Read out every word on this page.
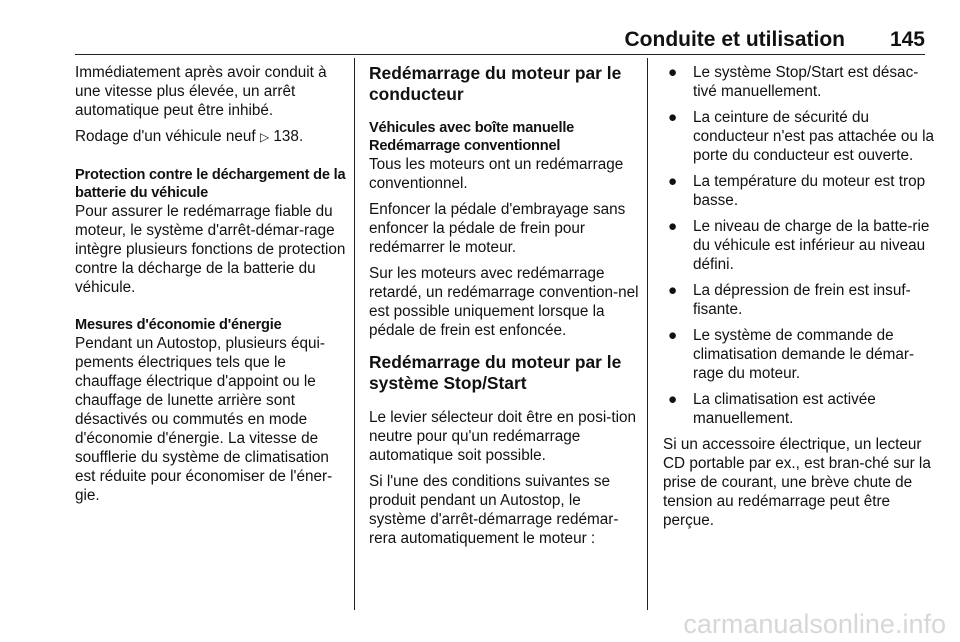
Conduite et utilisation 145

Immédiatement après avoir conduit à une vitesse plus élevée, un arrêt automatique peut être inhibé.

Rodage d'un véhicule neuf ▷ 138.

Protection contre le déchargement de la batterie du véhicule

Pour assurer le redémarrage fiable du moteur, le système d'arrêt-démar-rage intègre plusieurs fonctions de protection contre la décharge de la batterie du véhicule.

Mesures d'économie d'énergie

Pendant un Autostop, plusieurs équi-pements électriques tels que le chauffage électrique d'appoint ou le chauffage de lunette arrière sont désactivés ou commutés en mode d'économie d'énergie. La vitesse de soufflerie du système de climatisation est réduite pour économiser de l'éner-gie.

Redémarrage du moteur par le conducteur
Véhicules avec boîte manuelle
Redémarrage conventionnel

Tous les moteurs ont un redémarrage conventionnel.

Enfoncer la pédale d'embrayage sans enfoncer la pédale de frein pour redémarrer le moteur.

Sur les moteurs avec redémarrage retardé, un redémarrage convention-nel est possible uniquement lorsque la pédale de frein est enfoncée.

Redémarrage du moteur par le système Stop/Start

Le levier sélecteur doit être en posi-tion neutre pour qu'un redémarrage automatique soit possible.

Si l'une des conditions suivantes se produit pendant un Autostop, le système d'arrêt-démarrage redémar-rera automatiquement le moteur :

● Le système Stop/Start est désac-tivé manuellement.
● La ceinture de sécurité du conducteur n'est pas attachée ou la porte du conducteur est ouverte.
● La température du moteur est trop basse.
● Le niveau de charge de la batte-rie du véhicule est inférieur au niveau défini.
● La dépression de frein est insuf-fisante.
● Le système de commande de climatisation demande le démar-rage du moteur.
● La climatisation est activée manuellement.

Si un accessoire électrique, un lecteur CD portable par ex., est bran-ché sur la prise de courant, une brève chute de tension au redémarrage peut être perçue.

carmanualsonline.info
